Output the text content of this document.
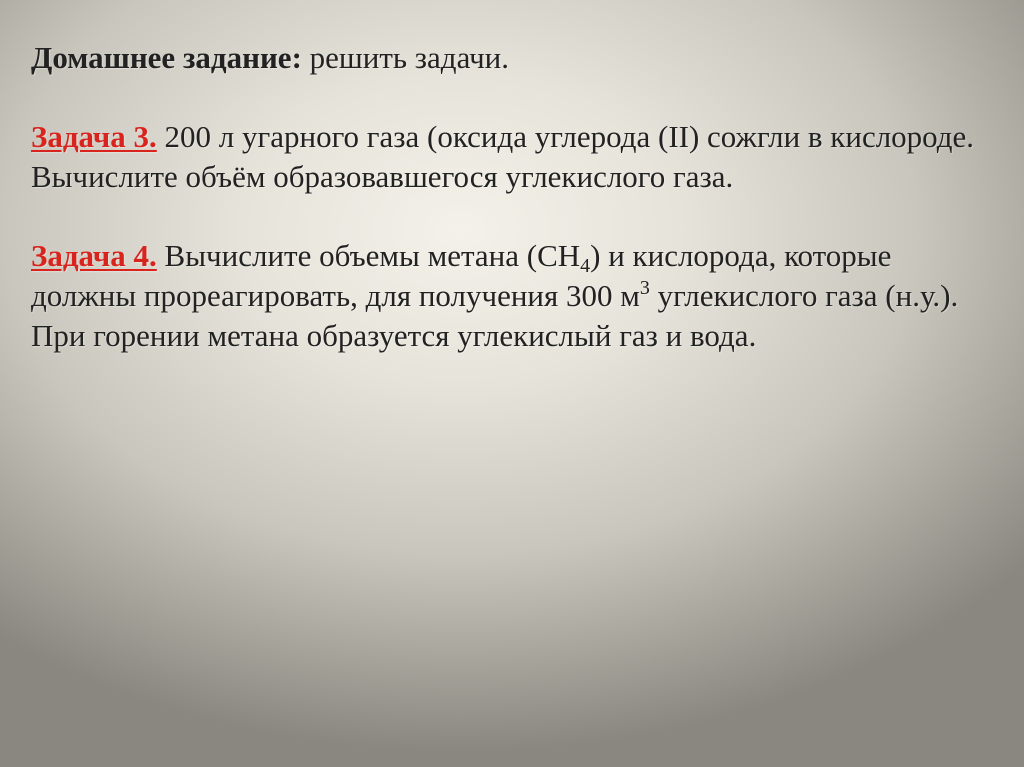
Домашнее задание: решить задачи.
Задача 3. 200 л угарного газа (оксида углерода (II) сожгли в кислороде. Вычислите объём образовавшегося углекислого газа.
Задача 4. Вычислите объемы метана $(CH_4)$ и кислорода, которые должны прореагировать, для получения 300 $м^3$ углекислого газа (н.у.). При горении метана образуется углекислый газ и вода.
